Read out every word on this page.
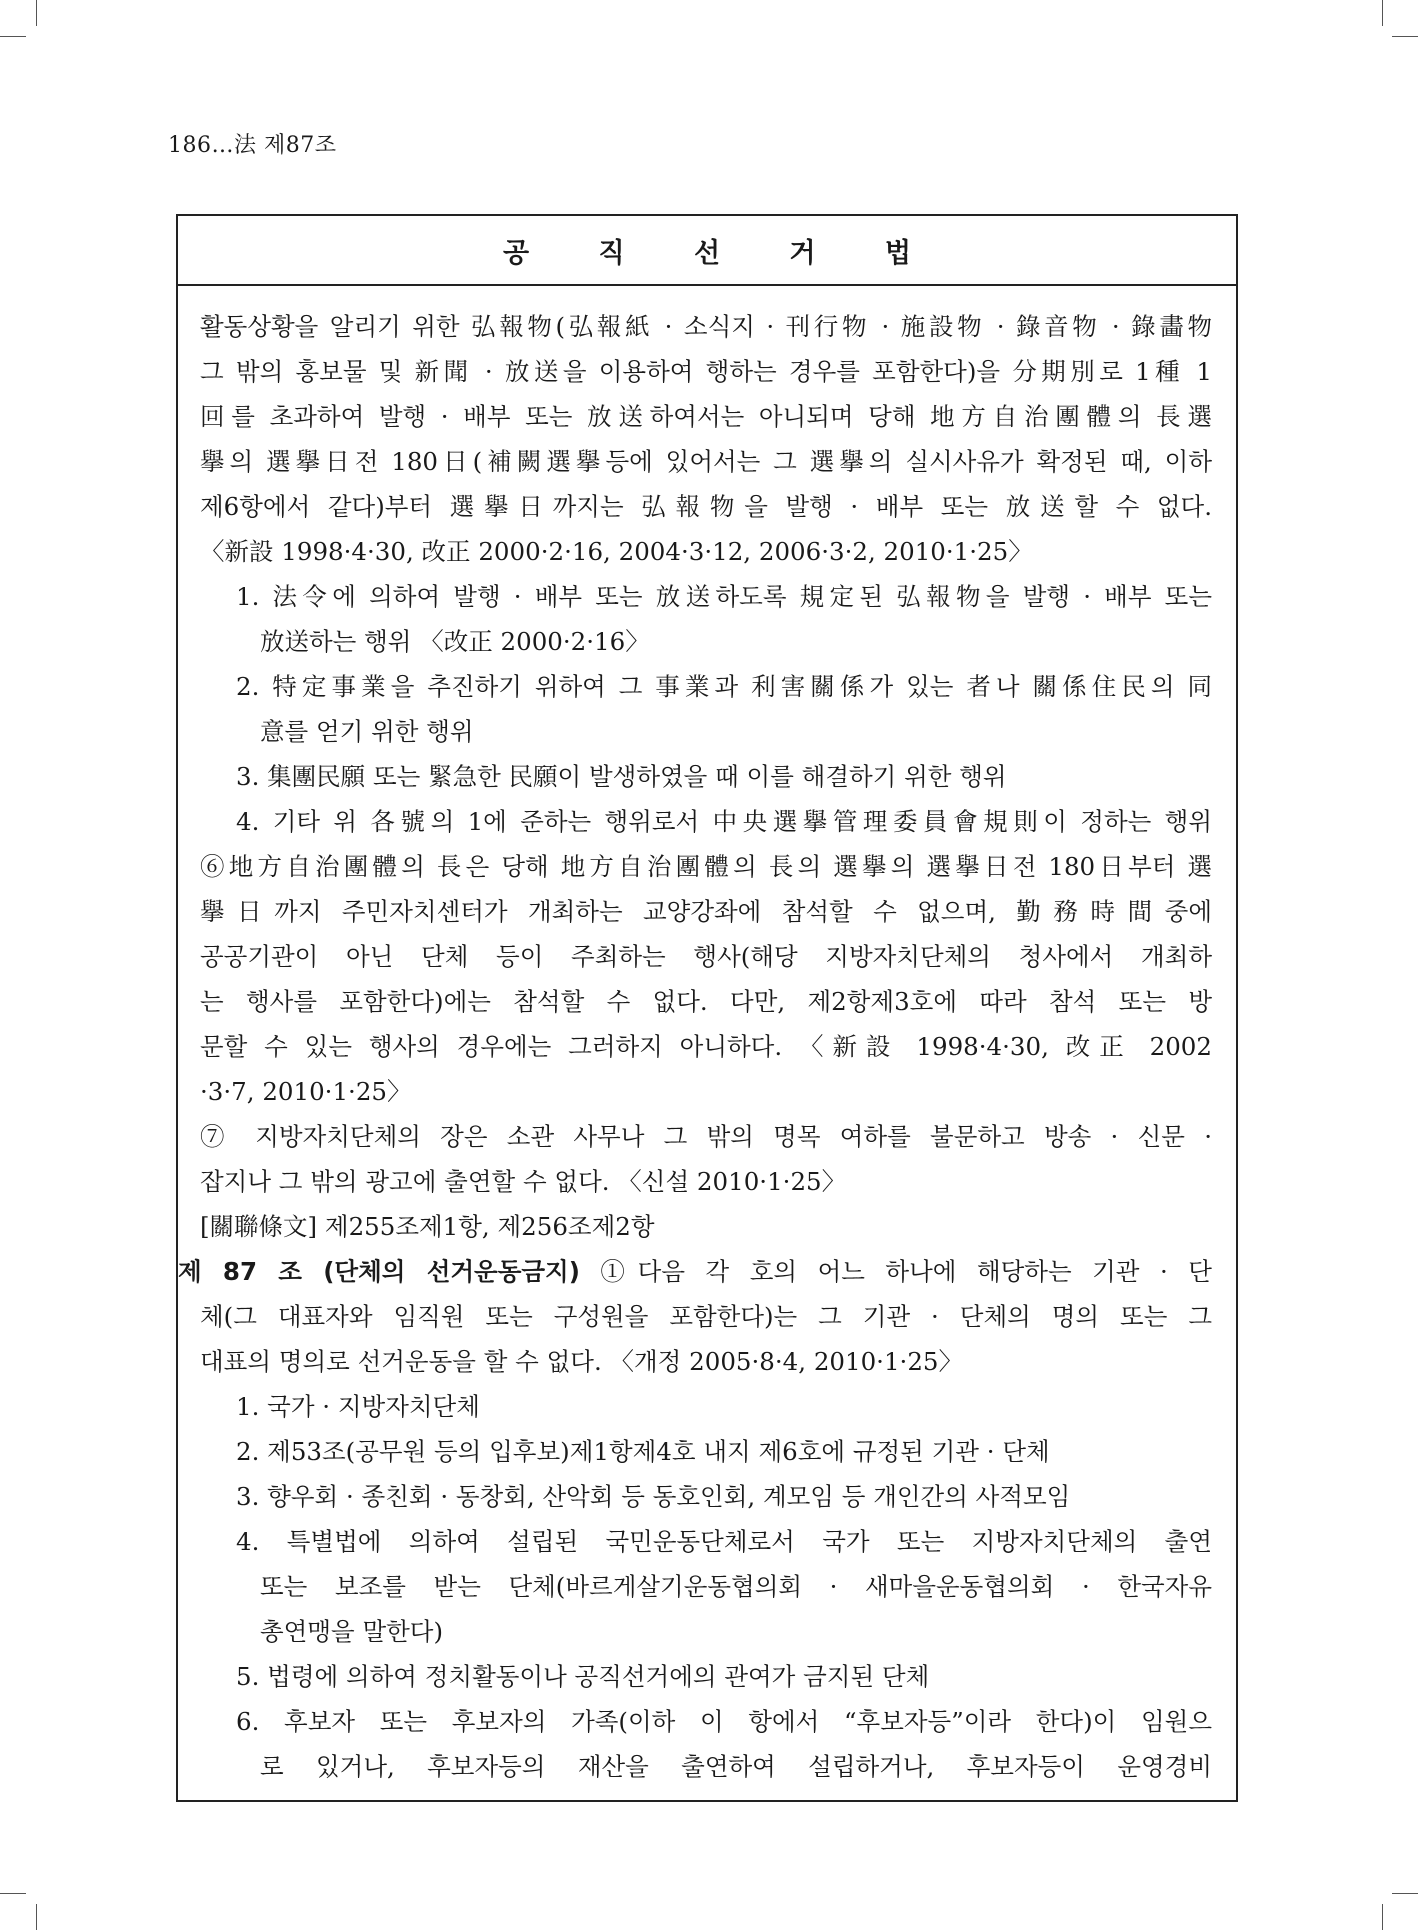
186…法 제87조
공 직 선 거 법

활동상황을 알리기 위한 弘報物(弘報紙 · 소식지 · 刊行物 · 施設物 · 錄音物 · 錄畵物

그 밖의 홍보물 및 新聞 · 放送을 이용하여 행하는 경우를 포함한다)을 分期別로 1種 1

回를 초과하여 발행 · 배부 또는 放送하여서는 아니되며 당해 地方自治團體의 長選

擧의 選擧日전 180日(補闕選擧등에 있어서는 그 選擧의 실시사유가 확정된 때, 이하

제6항에서 같다)부터 選擧日까지는 弘報物을 발행 · 배부 또는 放送할 수 없다.

〈新設 1998·4·30, 改正 2000·2·16, 2004·3·12, 2006·3·2, 2010·1·25〉

1. 法令에 의하여 발행 · 배부 또는 放送하도록 規定된 弘報物을 발행 · 배부 또는

放送하는 행위 〈改正 2000·2·16〉

2. 特定事業을 추진하기 위하여 그 事業과 利害關係가 있는 者나 關係住民의 同

意를 얻기 위한 행위

3. 集團民願 또는 緊急한 民願이 발생하였을 때 이를 해결하기 위한 행위

4. 기타 위 各號의 1에 준하는 행위로서 中央選擧管理委員會規則이 정하는 행위

⑥地方自治團體의 長은 당해 地方自治團體의 長의 選擧의 選擧日전 180日부터 選

擧日까지 주민자치센터가 개최하는 교양강좌에 참석할 수 없으며, 勤務時間중에

공공기관이 아닌 단체 등이 주최하는 행사(해당 지방자치단체의 청사에서 개최하

는 행사를 포함한다)에는 참석할 수 없다. 다만, 제2항제3호에 따라 참석 또는 방

문할 수 있는 행사의 경우에는 그러하지 아니하다. 〈新設 1998·4·30, 改正 2002

·3·7, 2010·1·25〉

⑦ 지방자치단체의 장은 소관 사무나 그 밖의 명목 여하를 불문하고 방송 · 신문 ·

잡지나 그 밖의 광고에 출연할 수 없다. 〈신설 2010·1·25〉

[關聯條文] 제255조제1항, 제256조제2항

제 87 조 (단체의 선거운동금지) ①다음 각 호의 어느 하나에 해당하는 기관 · 단

체(그 대표자와 임직원 또는 구성원을 포함한다)는 그 기관 · 단체의 명의 또는 그

대표의 명의로 선거운동을 할 수 없다. 〈개정 2005·8·4, 2010·1·25〉

1. 국가 · 지방자치단체

2. 제53조(공무원 등의 입후보)제1항제4호 내지 제6호에 규정된 기관 · 단체

3. 향우회 · 종친회 · 동창회, 산악회 등 동호인회, 계모임 등 개인간의 사적모임

4. 특별법에 의하여 설립된 국민운동단체로서 국가 또는 지방자치단체의 출연

또는 보조를 받는 단체(바르게살기운동협의회 · 새마을운동협의회 · 한국자유

총연맹을 말한다)

5. 법령에 의하여 정치활동이나 공직선거에의 관여가 금지된 단체

6. 후보자 또는 후보자의 가족(이하 이 항에서 “후보자등”이라 한다)이 임원으

로 있거나, 후보자등의 재산을 출연하여 설립하거나, 후보자등이 운영경비
